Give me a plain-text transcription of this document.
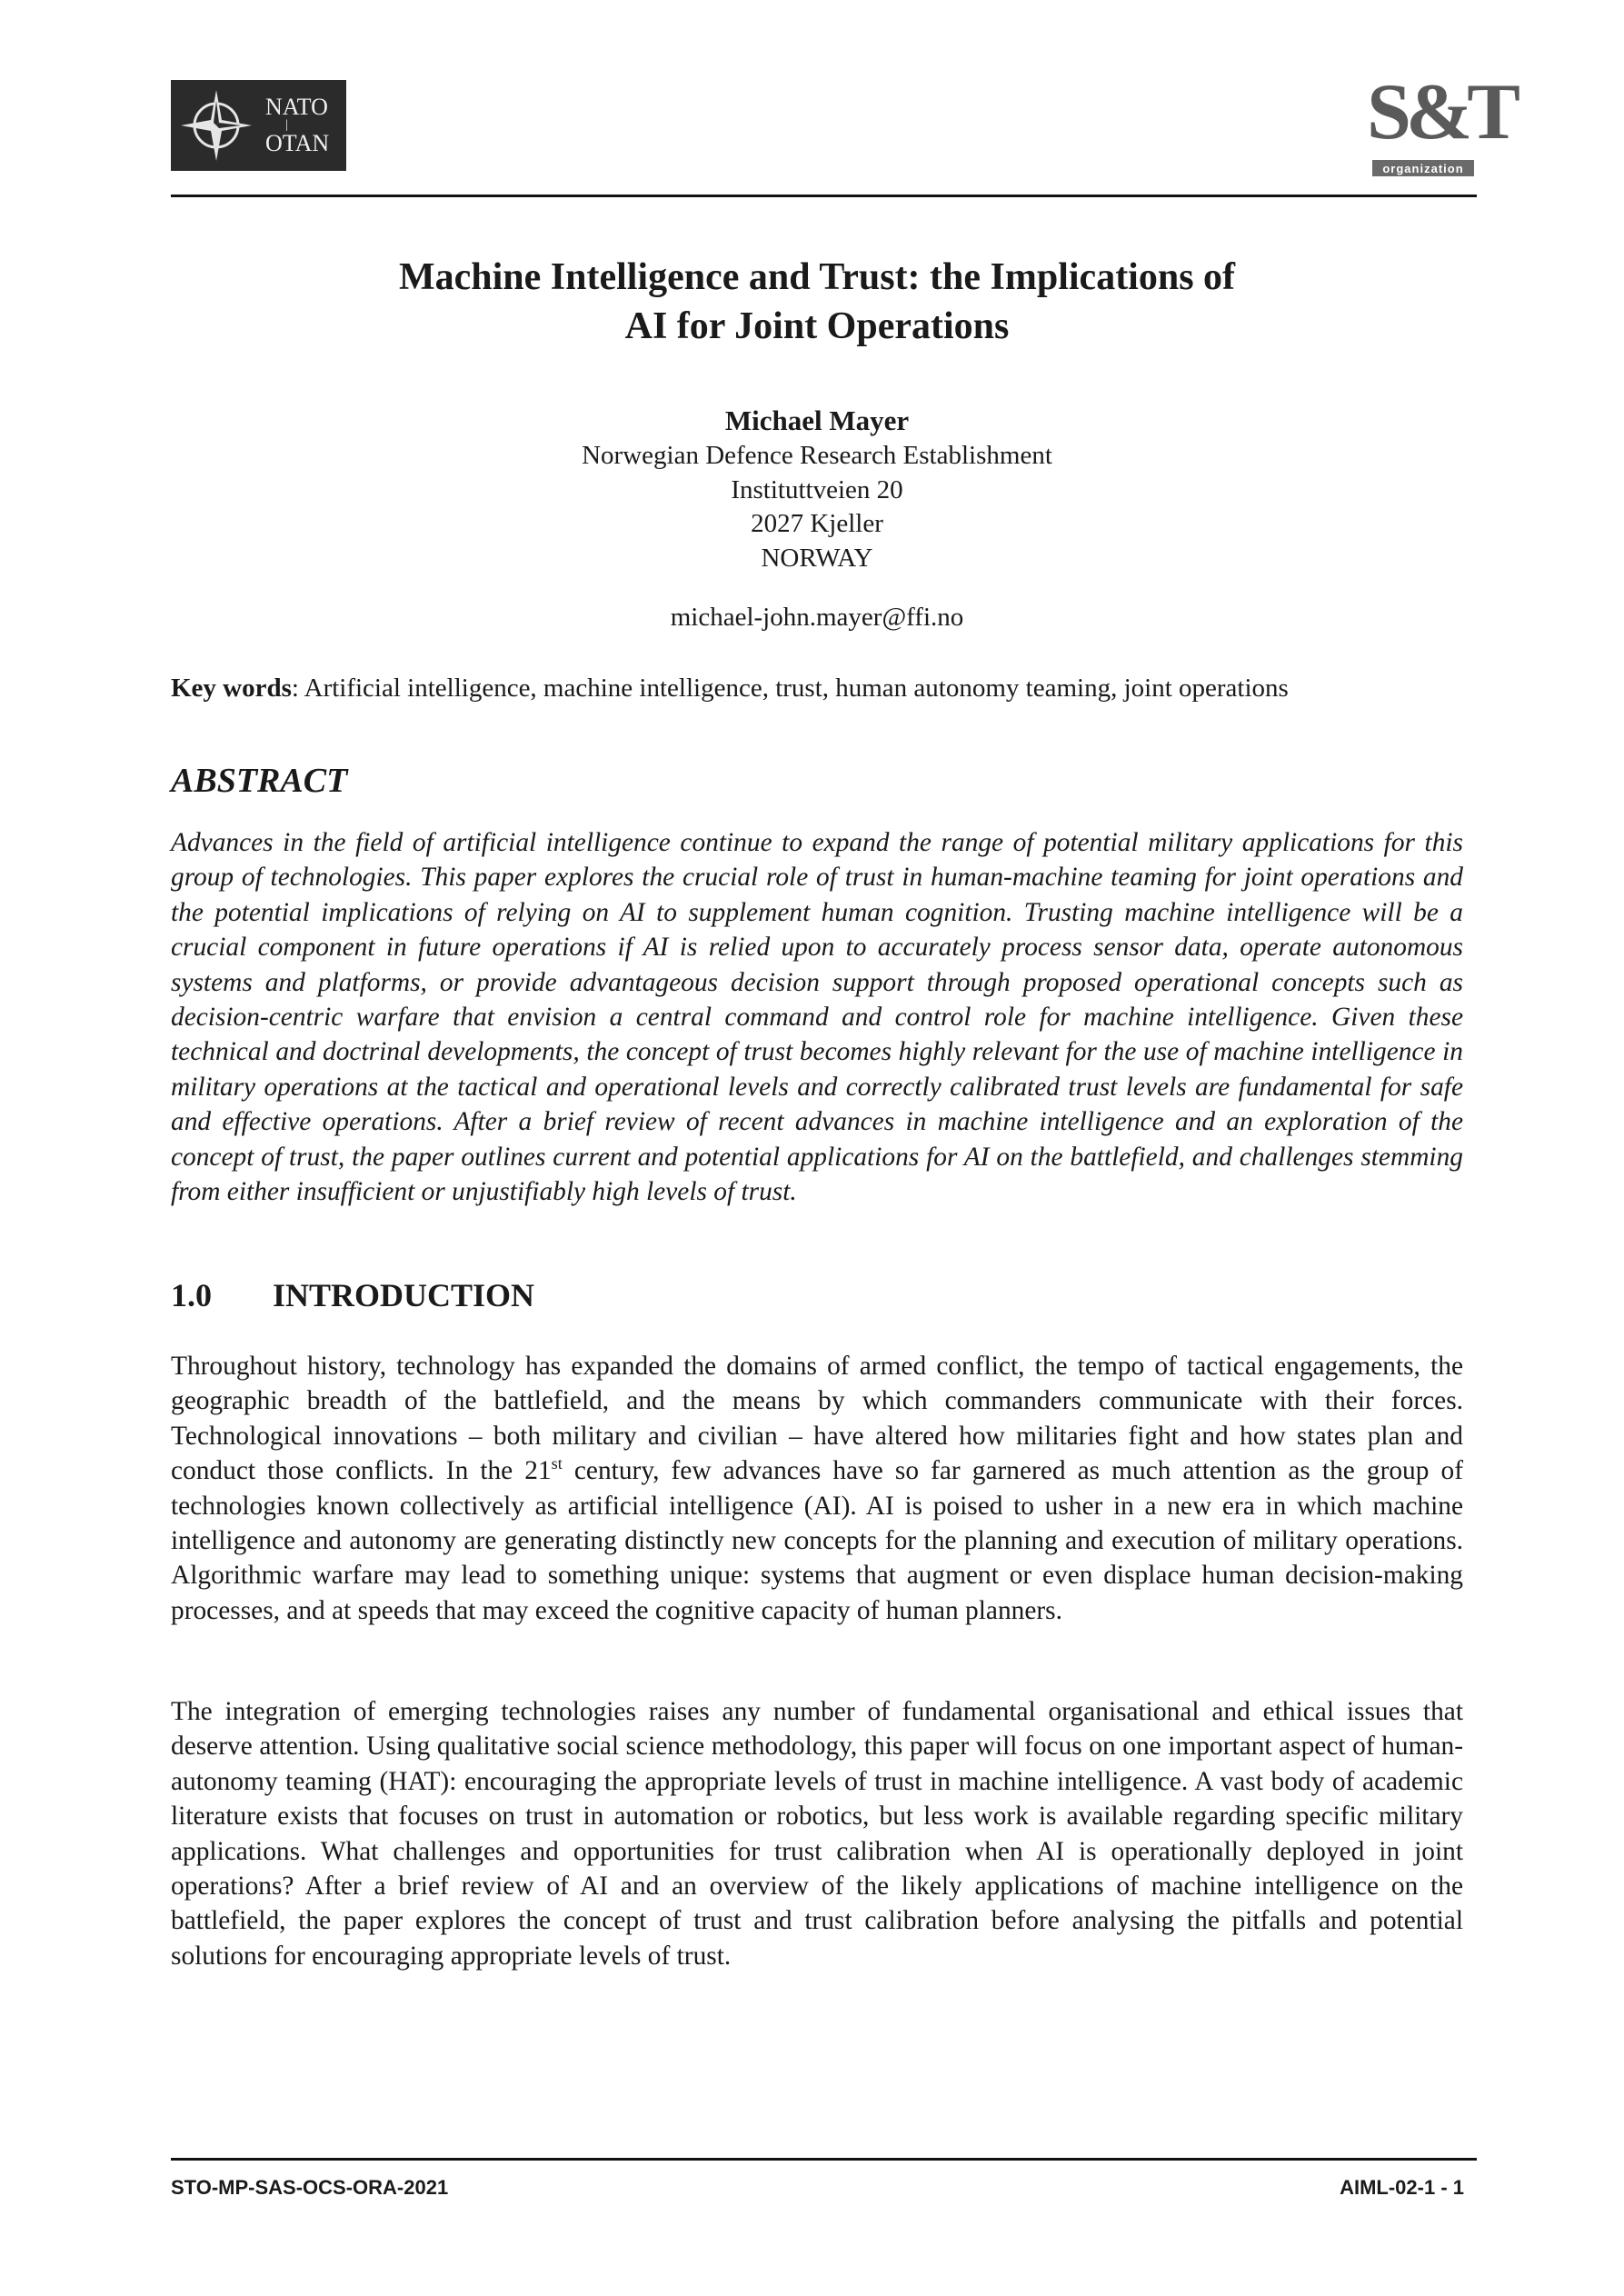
NATO
|
OTAN	S&T
organization
Machine Intelligence and Trust: the Implications of
AI for Joint Operations
Michael Mayer
Norwegian Defence Research Establishment
Instituttveien 20
2027 Kjeller
NORWAY
michael-john.mayer@ffi.no
Key words: Artificial intelligence, machine intelligence, trust, human autonomy teaming, joint operations
ABSTRACT

Advances in the field of artificial intelligence continue to expand the range of potential military applications for this group of technologies. This paper explores the crucial role of trust in human-machine teaming for joint operations and the potential implications of relying on AI to supplement human cognition. Trusting machine intelligence will be a crucial component in future operations if AI is relied upon to accurately process sensor data, operate autonomous systems and platforms, or provide advantageous decision support through proposed operational concepts such as decision-centric warfare that envision a central command and control role for machine intelligence. Given these technical and doctrinal developments, the concept of trust becomes highly relevant for the use of machine intelligence in military operations at the tactical and operational levels and correctly calibrated trust levels are fundamental for safe and effective operations. After a brief review of recent advances in machine intelligence and an exploration of the concept of trust, the paper outlines current and potential applications for AI on the battlefield, and challenges stemming from either insufficient or unjustifiably high levels of trust.

1.0 INTRODUCTION

Throughout history, technology has expanded the domains of armed conflict, the tempo of tactical engagements, the geographic breadth of the battlefield, and the means by which commanders communicate with their forces. Technological innovations – both military and civilian – have altered how militaries fight and how states plan and conduct those conflicts. In the 21st century, few advances have so far garnered as much attention as the group of technologies known collectively as artificial intelligence (AI). AI is poised to usher in a new era in which machine intelligence and autonomy are generating distinctly new concepts for the planning and execution of military operations. Algorithmic warfare may lead to something unique: systems that augment or even displace human decision-making processes, and at speeds that may exceed the cognitive capacity of human planners.

The integration of emerging technologies raises any number of fundamental organisational and ethical issues that deserve attention. Using qualitative social science methodology, this paper will focus on one important aspect of human-autonomy teaming (HAT): encouraging the appropriate levels of trust in machine intelligence. A vast body of academic literature exists that focuses on trust in automation or robotics, but less work is available regarding specific military applications. What challenges and opportunities for trust calibration when AI is operationally deployed in joint operations? After a brief review of AI and an overview of the likely applications of machine intelligence on the battlefield, the paper explores the concept of trust and trust calibration before analysing the pitfalls and potential solutions for encouraging appropriate levels of trust.

STO-MP-SAS-OCS-ORA-2021	AIML-02-1 - 1
